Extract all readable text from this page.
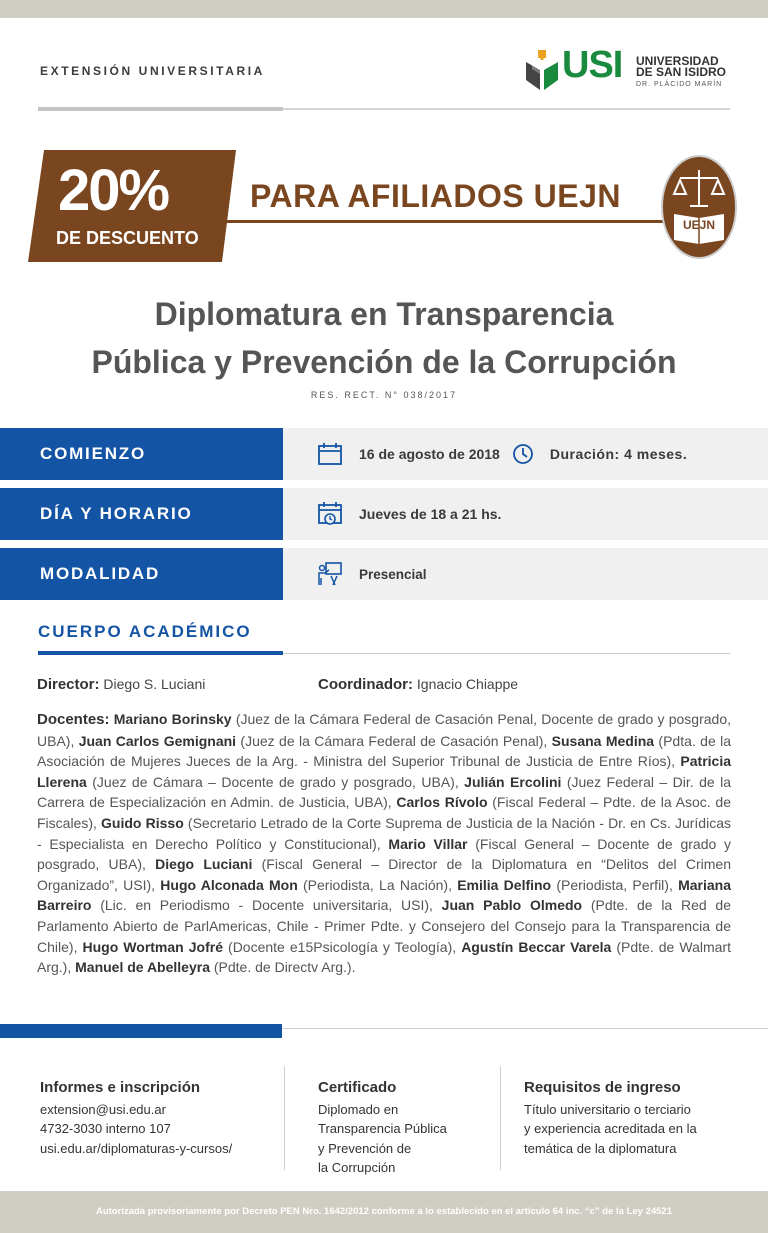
EXTENSIÓN UNIVERSITARIA	USI UNIVERSIDAD
DE SAN ISIDRO
DR. PLÁCIDO MARÍN
20%
DE DESCUENTO
PARA AFILIADOS UEJN
UEJN
Diplomatura en Transparencia
Pública y Prevención de la Corrupción
RES. RECT. N° 038/2017
COMIENZO	16 de agosto de 2018	Duración: 4 meses.
DÍA Y HORARIO	Jueves de 18 a 21 hs.
MODALIDAD	Presencial
CUERPO ACADÉMICO
Director: Diego S. Luciani	Coordinador: Ignacio Chiappe
Docentes: Mariano Borinsky (Juez de la Cámara Federal de Casación Penal, Docente de grado y posgrado, UBA), Juan Carlos Gemignani (Juez de la Cámara Federal de Casación Penal), Susana Medina (Pdta. de la Asociación de Mujeres Jueces de la Arg. - Ministra del Superior Tribunal de Justicia de Entre Ríos), Patricia Llerena (Juez de Cámara – Docente de grado y posgrado, UBA), Julián Ercolini (Juez Federal – Dir. de la Carrera de Especialización en Admin. de Justicia, UBA), Carlos Rívolo (Fiscal Federal – Pdte. de la Asoc. de Fiscales), Guido Risso (Secretario Letrado de la Corte Suprema de Justicia de la Nación - Dr. en Cs. Jurídicas - Especialista en Derecho Político y Constitucional), Mario Villar (Fiscal General – Docente de grado y posgrado, UBA), Diego Luciani (Fiscal General – Director de la Diplomatura en “Delitos del Crimen Organizado”, USI), Hugo Alconada Mon (Periodista, La Nación), Emilia Delfino (Periodista, Perfil), Mariana Barreiro (Lic. en Periodismo - Docente universitaria, USI), Juan Pablo Olmedo (Pdte. de la Red de Parlamento Abierto de ParlAmericas, Chile - Primer Pdte. y Consejero del Consejo para la Transparencia de Chile), Hugo Wortman Jofré (Docente e15Psicología y Teología), Agustín Beccar Varela (Pdte. de Walmart Arg.), Manuel de Abelleyra (Pdte. de Directv Arg.).
Informes e inscripción
extension@usi.edu.ar
4732-3030 interno 107
usi.edu.ar/diplomaturas-y-cursos/
Certificado
Diplomado en
Transparencia Pública
y Prevención de
la Corrupción
Requisitos de ingreso
Título universitario o terciario
y experiencia acreditada en la
temática de la diplomatura
Autorizada provisoriamente por Decreto PEN Nro. 1642/2012 conforme a lo establecido en el artículo 64 inc. “c” de la Ley 24521
